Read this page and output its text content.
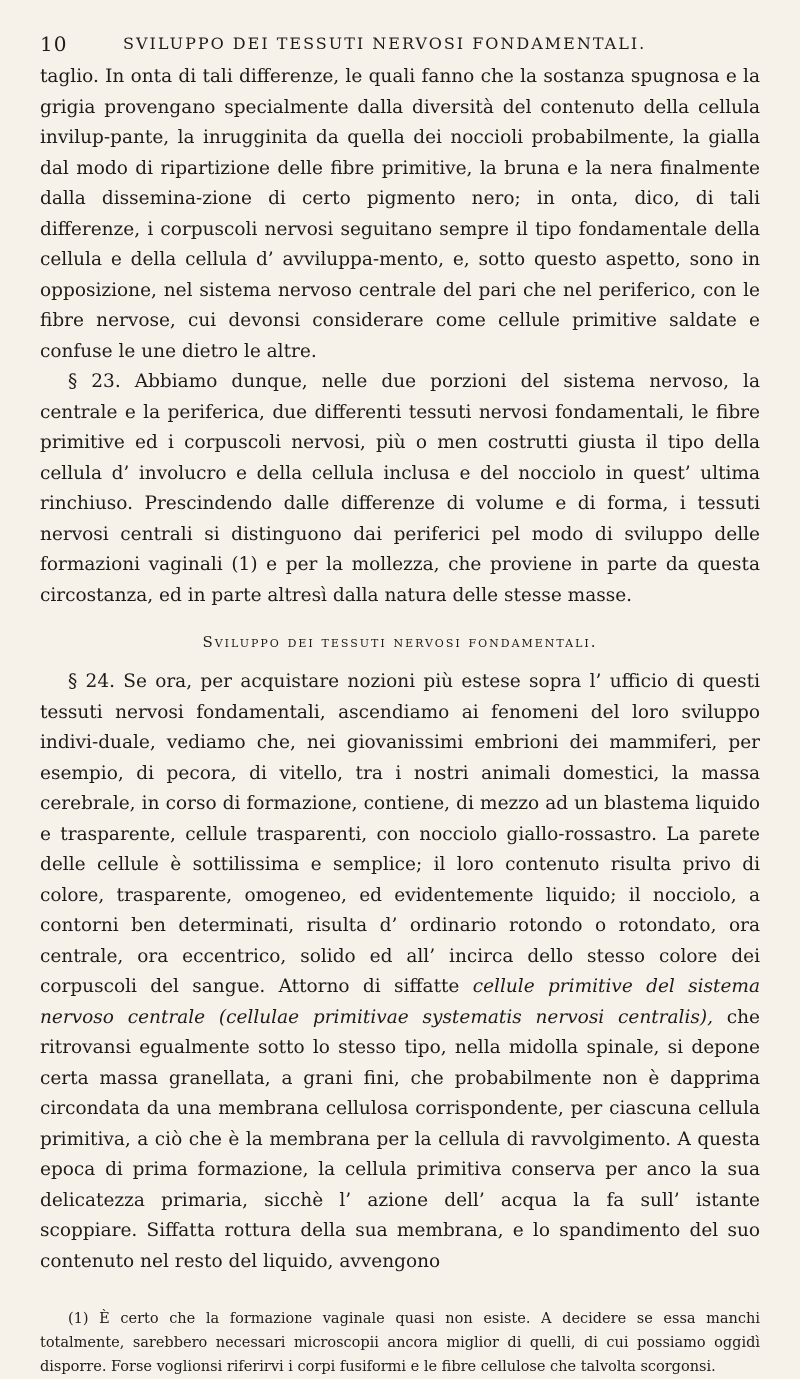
10	SVILUPPO DEI TESSUTI NERVOSI FONDAMENTALI.

taglio. In onta di tali differenze, le quali fanno che la sostanza spugnosa e la grigia provengano specialmente dalla diversità del contenuto della cellula invilup-pante, la inrugginita da quella dei noccioli probabilmente, la gialla dal modo di ripartizione delle fibre primitive, la bruna e la nera finalmente dalla dissemina-zione di certo pigmento nero; in onta, dico, di tali differenze, i corpuscoli nervosi seguitano sempre il tipo fondamentale della cellula e della cellula d’ avviluppa-mento, e, sotto questo aspetto, sono in opposizione, nel sistema nervoso centrale del pari che nel periferico, con le fibre nervose, cui devonsi considerare come cellule primitive saldate e confuse le une dietro le altre.

§ 23. Abbiamo dunque, nelle due porzioni del sistema nervoso, la centrale e la periferica, due differenti tessuti nervosi fondamentali, le fibre primitive ed i corpuscoli nervosi, più o men costrutti giusta il tipo della cellula d’ involucro e della cellula inclusa e del nocciolo in quest’ ultima rinchiuso. Prescindendo dalle differenze di volume e di forma, i tessuti nervosi centrali si distinguono dai periferici pel modo di sviluppo delle formazioni vaginali (1) e per la mollezza, che proviene in parte da questa circostanza, ed in parte altresì dalla natura delle stesse masse.

Sviluppo dei tessuti nervosi fondamentali.

§ 24. Se ora, per acquistare nozioni più estese sopra l’ ufficio di questi tessuti nervosi fondamentali, ascendiamo ai fenomeni del loro sviluppo indivi-duale, vediamo che, nei giovanissimi embrioni dei mammiferi, per esempio, di pecora, di vitello, tra i nostri animali domestici, la massa cerebrale, in corso di formazione, contiene, di mezzo ad un blastema liquido e trasparente, cellule trasparenti, con nocciolo giallo-rossastro. La parete delle cellule è sottilissima e semplice; il loro contenuto risulta privo di colore, trasparente, omogeneo, ed evidentemente liquido; il nocciolo, a contorni ben determinati, risulta d’ ordinario rotondo o rotondato, ora centrale, ora eccentrico, solido ed all’ incirca dello stesso colore dei corpuscoli del sangue. Attorno di siffatte cellule primitive del sistema nervoso centrale (cellulae primitivae systematis nervosi centralis), che ritrovansi egualmente sotto lo stesso tipo, nella midolla spinale, si depone certa massa granellata, a grani fini, che probabilmente non è dapprima circondata da una membrana cellulosa corrispondente, per ciascuna cellula primitiva, a ciò che è la membrana per la cellula di ravvolgimento. A questa epoca di prima formazione, la cellula primitiva conserva per anco la sua delicatezza primaria, sicchè l’ azione dell’ acqua la fa sull’ istante scoppiare. Siffatta rottura della sua membrana, e lo spandimento del suo contenuto nel resto del liquido, avvengono

(1) È certo che la formazione vaginale quasi non esiste. A decidere se essa manchi totalmente, sarebbero necessari microscopii ancora miglior di quelli, di cui possiamo oggidì disporre. Forse voglionsi riferirvi i corpi fusiformi e le fibre cellulose che talvolta scorgonsi.
